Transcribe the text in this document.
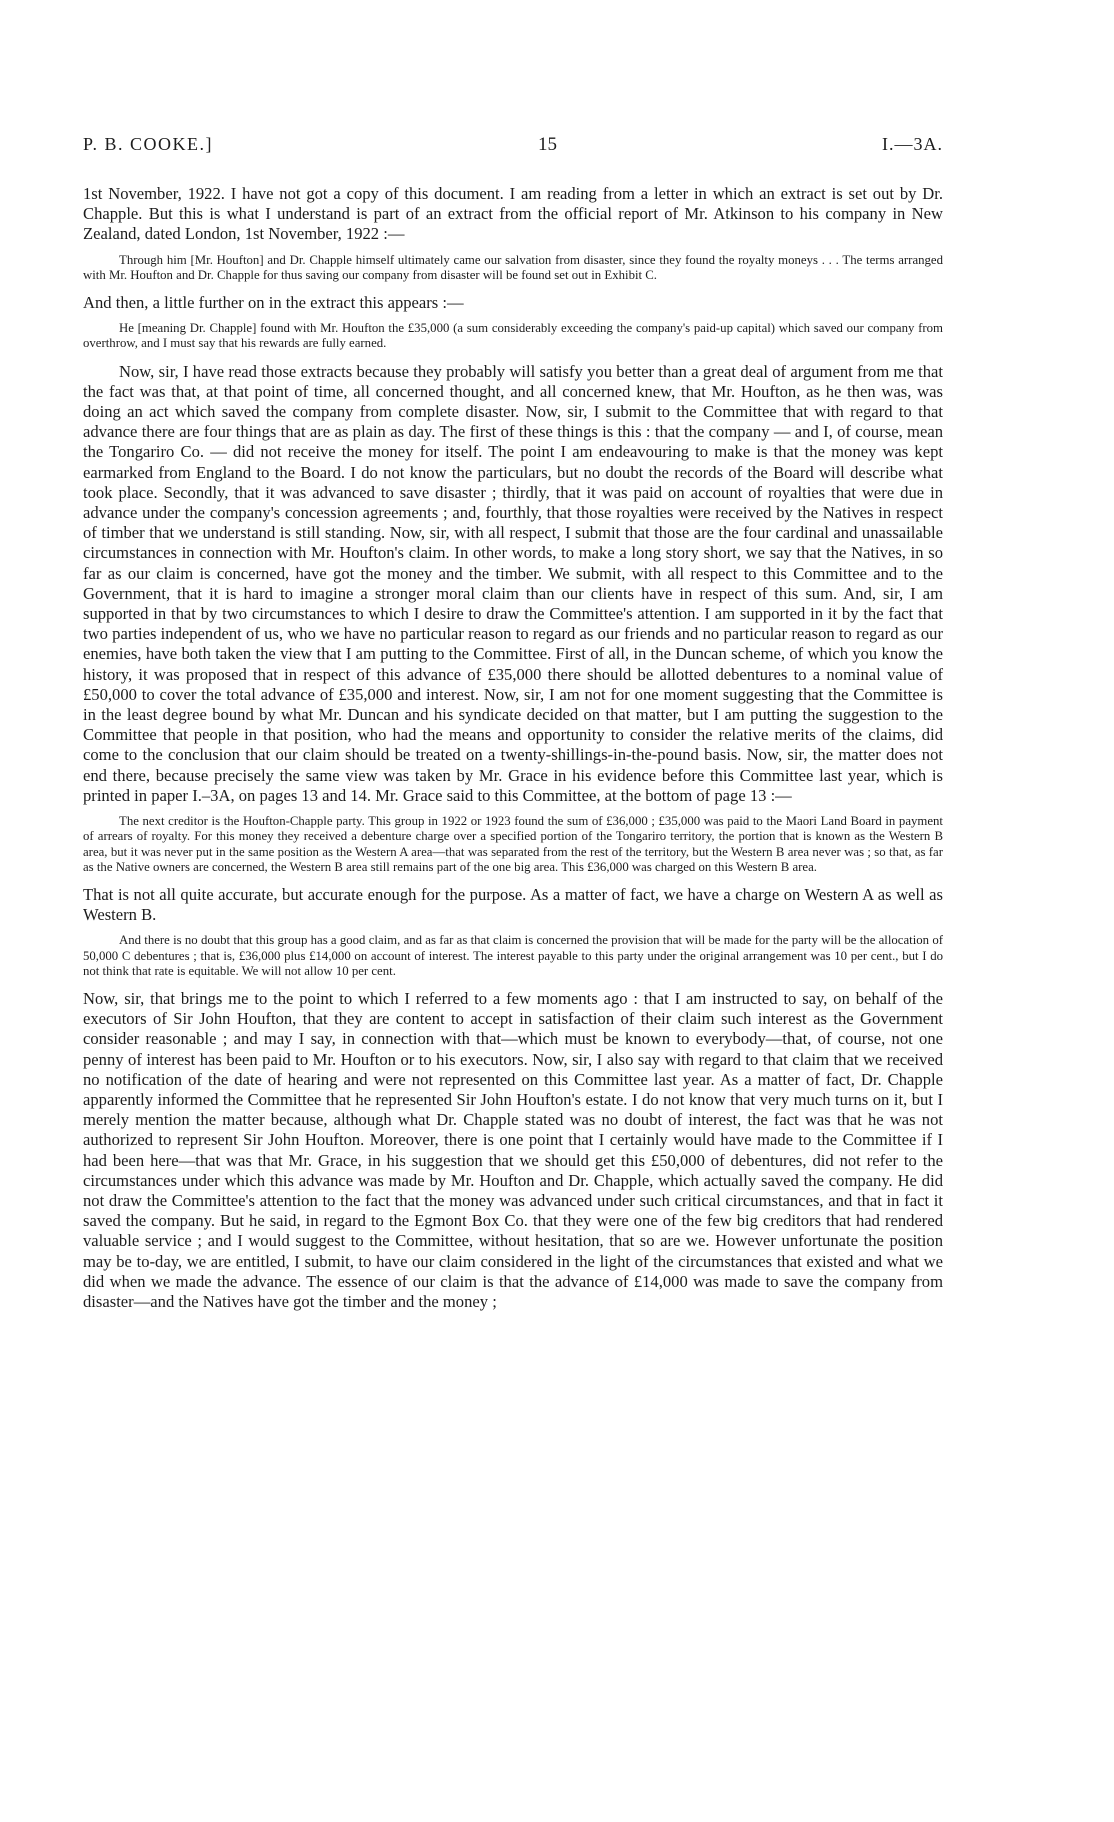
P. B. COOKE.]	15	I.—3A.

1st November, 1922. I have not got a copy of this document. I am reading from a letter in which an extract is set out by Dr. Chapple. But this is what I understand is part of an extract from the official report of Mr. Atkinson to his company in New Zealand, dated London, 1st November, 1922 :—

Through him [Mr. Houfton] and Dr. Chapple himself ultimately came our salvation from disaster, since they found the royalty moneys . . . The terms arranged with Mr. Houfton and Dr. Chapple for thus saving our company from disaster will be found set out in Exhibit C.

And then, a little further on in the extract this appears :—

He [meaning Dr. Chapple] found with Mr. Houfton the £35,000 (a sum considerably exceeding the company's paid-up capital) which saved our company from overthrow, and I must say that his rewards are fully earned.

Now, sir, I have read those extracts because they probably will satisfy you better than a great deal of argument from me that the fact was that, at that point of time, all concerned thought, and all concerned knew, that Mr. Houfton, as he then was, was doing an act which saved the company from complete disaster. Now, sir, I submit to the Committee that with regard to that advance there are four things that are as plain as day. The first of these things is this : that the company — and I, of course, mean the Tongariro Co. — did not receive the money for itself. The point I am endeavouring to make is that the money was kept earmarked from England to the Board. I do not know the particulars, but no doubt the records of the Board will describe what took place. Secondly, that it was advanced to save disaster ; thirdly, that it was paid on account of royalties that were due in advance under the company's concession agreements ; and, fourthly, that those royalties were received by the Natives in respect of timber that we understand is still standing. Now, sir, with all respect, I submit that those are the four cardinal and unassailable circumstances in connection with Mr. Houfton's claim. In other words, to make a long story short, we say that the Natives, in so far as our claim is concerned, have got the money and the timber. We submit, with all respect to this Committee and to the Government, that it is hard to imagine a stronger moral claim than our clients have in respect of this sum. And, sir, I am supported in that by two circumstances to which I desire to draw the Committee's attention. I am supported in it by the fact that two parties independent of us, who we have no particular reason to regard as our friends and no particular reason to regard as our enemies, have both taken the view that I am putting to the Committee. First of all, in the Duncan scheme, of which you know the history, it was proposed that in respect of this advance of £35,000 there should be allotted debentures to a nominal value of £50,000 to cover the total advance of £35,000 and interest. Now, sir, I am not for one moment suggesting that the Committee is in the least degree bound by what Mr. Duncan and his syndicate decided on that matter, but I am putting the suggestion to the Committee that people in that position, who had the means and opportunity to consider the relative merits of the claims, did come to the conclusion that our claim should be treated on a twenty-shillings-in-the-pound basis. Now, sir, the matter does not end there, because precisely the same view was taken by Mr. Grace in his evidence before this Committee last year, which is printed in paper I.–3A, on pages 13 and 14. Mr. Grace said to this Committee, at the bottom of page 13 :—

The next creditor is the Houfton-Chapple party. This group in 1922 or 1923 found the sum of £36,000 ; £35,000 was paid to the Maori Land Board in payment of arrears of royalty. For this money they received a debenture charge over a specified portion of the Tongariro territory, the portion that is known as the Western B area, but it was never put in the same position as the Western A area—that was separated from the rest of the territory, but the Western B area never was ; so that, as far as the Native owners are concerned, the Western B area still remains part of the one big area. This £36,000 was charged on this Western B area.

That is not all quite accurate, but accurate enough for the purpose. As a matter of fact, we have a charge on Western A as well as Western B.

And there is no doubt that this group has a good claim, and as far as that claim is concerned the provision that will be made for the party will be the allocation of 50,000 C debentures ; that is, £36,000 plus £14,000 on account of interest. The interest payable to this party under the original arrangement was 10 per cent., but I do not think that rate is equitable. We will not allow 10 per cent.

Now, sir, that brings me to the point to which I referred to a few moments ago : that I am instructed to say, on behalf of the executors of Sir John Houfton, that they are content to accept in satisfaction of their claim such interest as the Government consider reasonable ; and may I say, in connection with that—which must be known to everybody—that, of course, not one penny of interest has been paid to Mr. Houfton or to his executors. Now, sir, I also say with regard to that claim that we received no notification of the date of hearing and were not represented on this Committee last year. As a matter of fact, Dr. Chapple apparently informed the Committee that he represented Sir John Houfton's estate. I do not know that very much turns on it, but I merely mention the matter because, although what Dr. Chapple stated was no doubt of interest, the fact was that he was not authorized to represent Sir John Houfton. Moreover, there is one point that I certainly would have made to the Committee if I had been here—that was that Mr. Grace, in his suggestion that we should get this £50,000 of debentures, did not refer to the circumstances under which this advance was made by Mr. Houfton and Dr. Chapple, which actually saved the company. He did not draw the Committee's attention to the fact that the money was advanced under such critical circumstances, and that in fact it saved the company. But he said, in regard to the Egmont Box Co. that they were one of the few big creditors that had rendered valuable service ; and I would suggest to the Committee, without hesitation, that so are we. However unfortunate the position may be to-day, we are entitled, I submit, to have our claim considered in the light of the circumstances that existed and what we did when we made the advance. The essence of our claim is that the advance of £14,000 was made to save the company from disaster—and the Natives have got the timber and the money ;
